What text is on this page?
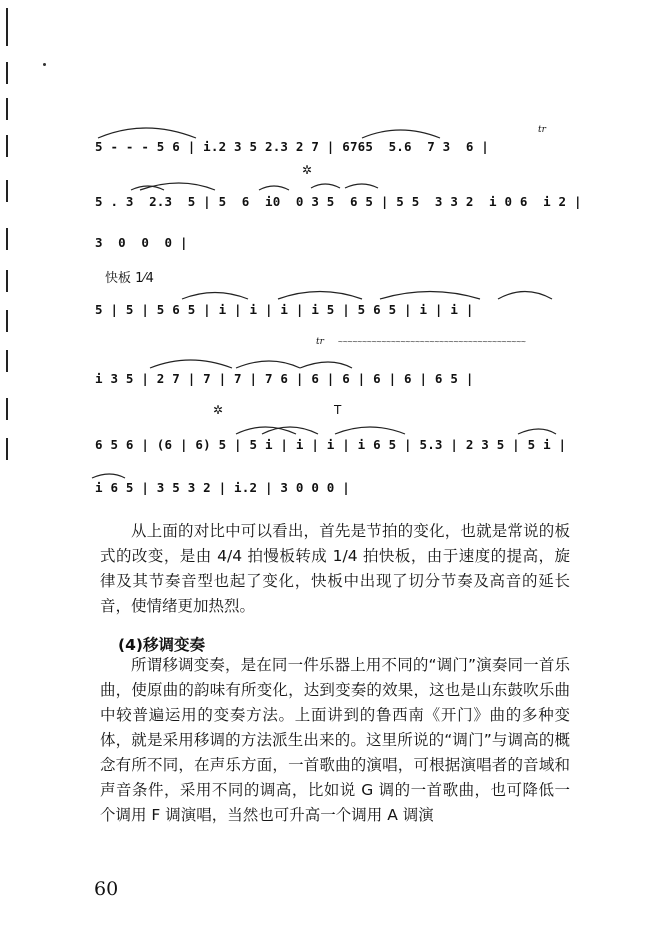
5 - - - 5 6 | i.2 3 5 2.3 2 7 | 6765  5.6  7 3  6 |
5 . 3  2.3  5 | 5  6  i0  0 3 5  6 5 | 5 5  3 3 2  i 0 6  i 2 |
3  0  0  0 |
快板 1⁄4
5 | 5 | 5 6 5 | i | i | i | i 5 | 5 6 5 | i | i |
tr
tr ~~~~~~~~~~~~~~~~~~~~~~~~~~~~~~~~~~~~~~~
i 3 5 | 2 7 | 7 | 7 | 7 6 | 6 | 6 | 6 | 6 | 6 5 |
✲
✲	T
6 5 6 | (6 | 6) 5 | 5 i | i | i | i 6 5 | 5.3 | 2 3 5 | 5 i |
i 6 5 | 3 5 3 2 | i.2 | 3 0 0 0 |
从上面的对比中可以看出，首先是节拍的变化，也就是常说的板式的改变，是由 4/4 拍慢板转成 1/4 拍快板，由于速度的提高，旋律及其节奏音型也起了变化，快板中出现了切分节奏及高音的延长音，使情绪更加热烈。
(4)移调变奏
所谓移调变奏，是在同一件乐器上用不同的“调门”演奏同一首乐曲，使原曲的韵味有所变化，达到变奏的效果，这也是山东鼓吹乐曲中较普遍运用的变奏方法。上面讲到的鲁西南《开门》曲的多种变体，就是采用移调的方法派生出来的。这里所说的“调门”与调高的概念有所不同，在声乐方面，一首歌曲的演唱，可根据演唱者的音域和声音条件，采用不同的调高，比如说 G 调的一首歌曲，也可降低一个调用 F 调演唱，当然也可升高一个调用 A 调演
60
